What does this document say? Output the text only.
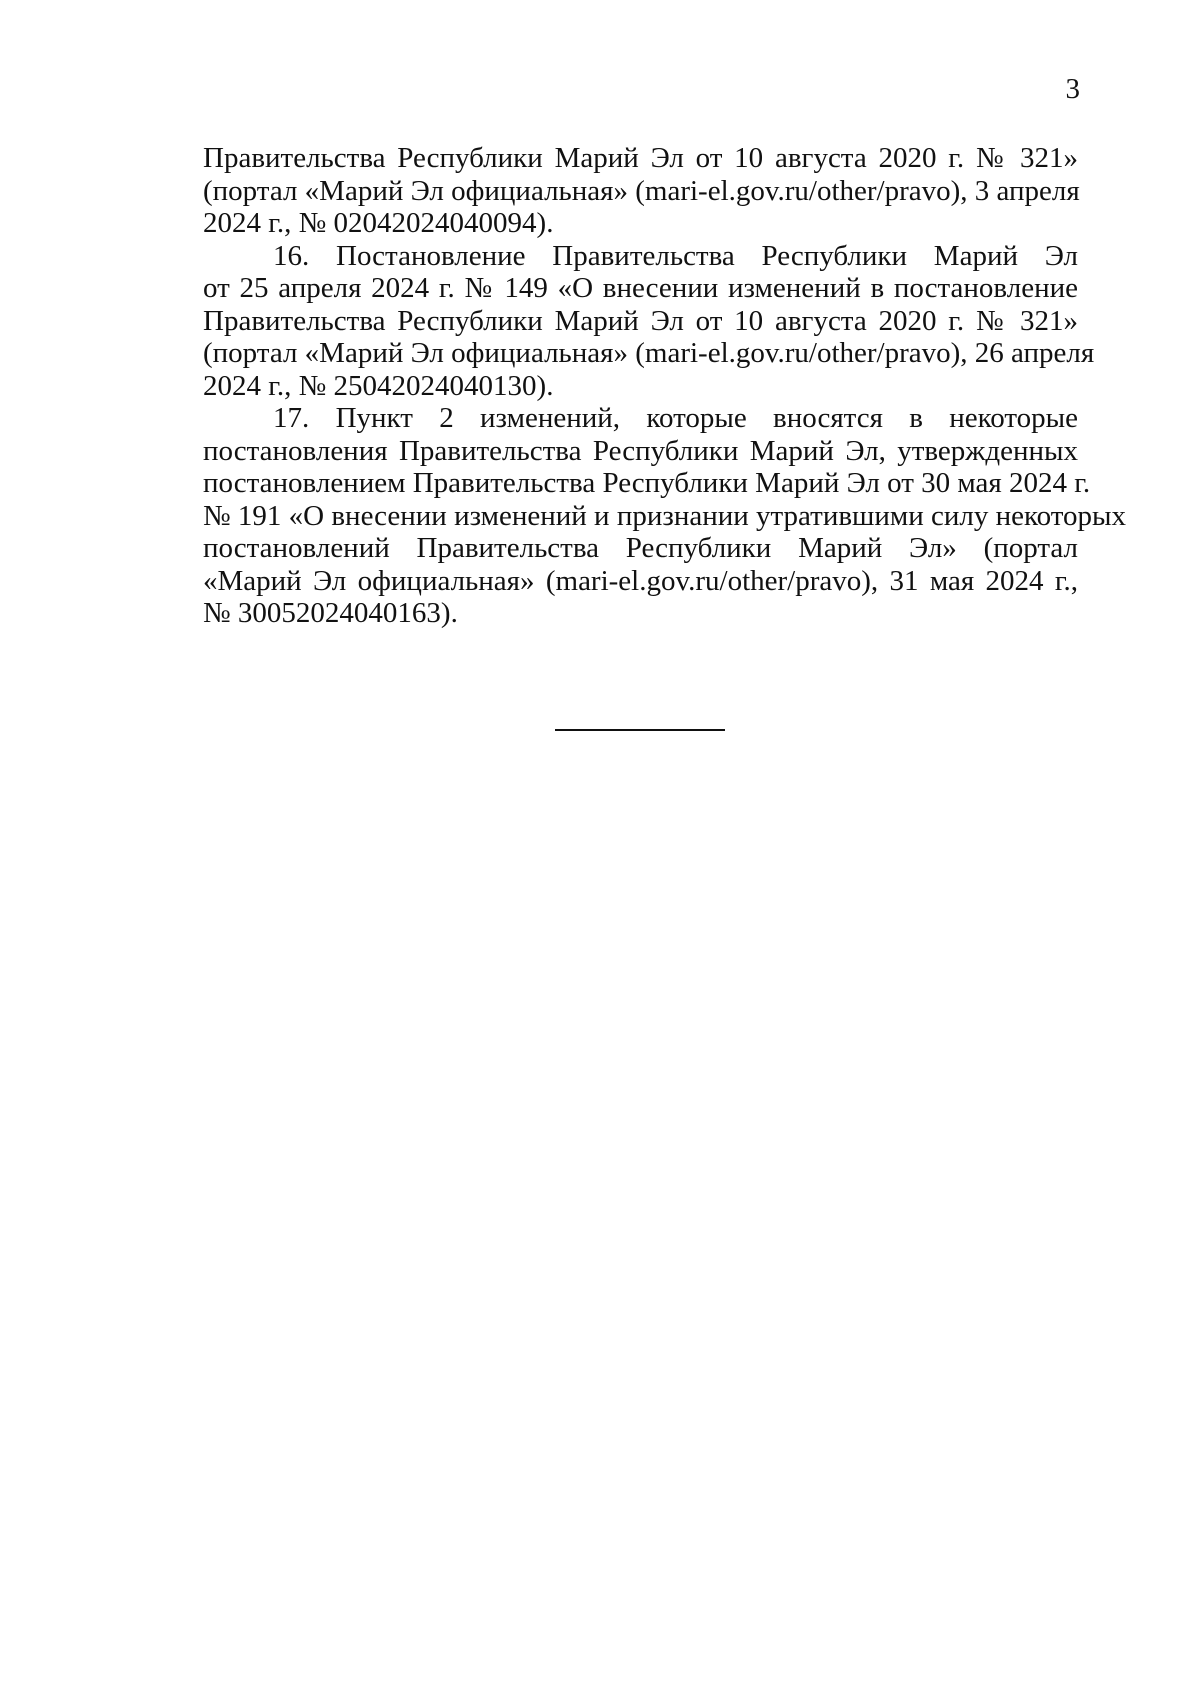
3

Правительства Республики Марий Эл от 10 августа 2020 г. № 321»
(портал «Марий Эл официальная» (mari-el.gov.ru/other/pravo), 3 апреля
2024 г., № 02042024040094).

16. Постановление Правительства Республики Марий Эл
от 25 апреля 2024 г. № 149 «О внесении изменений в постановление
Правительства Республики Марий Эл от 10 августа 2020 г. № 321»
(портал «Марий Эл официальная» (mari-el.gov.ru/other/pravo), 26 апреля
2024 г., № 25042024040130).

17. Пункт 2 изменений, которые вносятся в некоторые
постановления Правительства Республики Марий Эл, утвержденных
постановлением Правительства Республики Марий Эл от 30 мая 2024 г.
№ 191 «О внесении изменений и признании утратившими силу некоторых
постановлений Правительства Республики Марий Эл» (портал
«Марий Эл официальная» (mari-el.gov.ru/other/pravo), 31 мая 2024 г.,
№ 30052024040163).
